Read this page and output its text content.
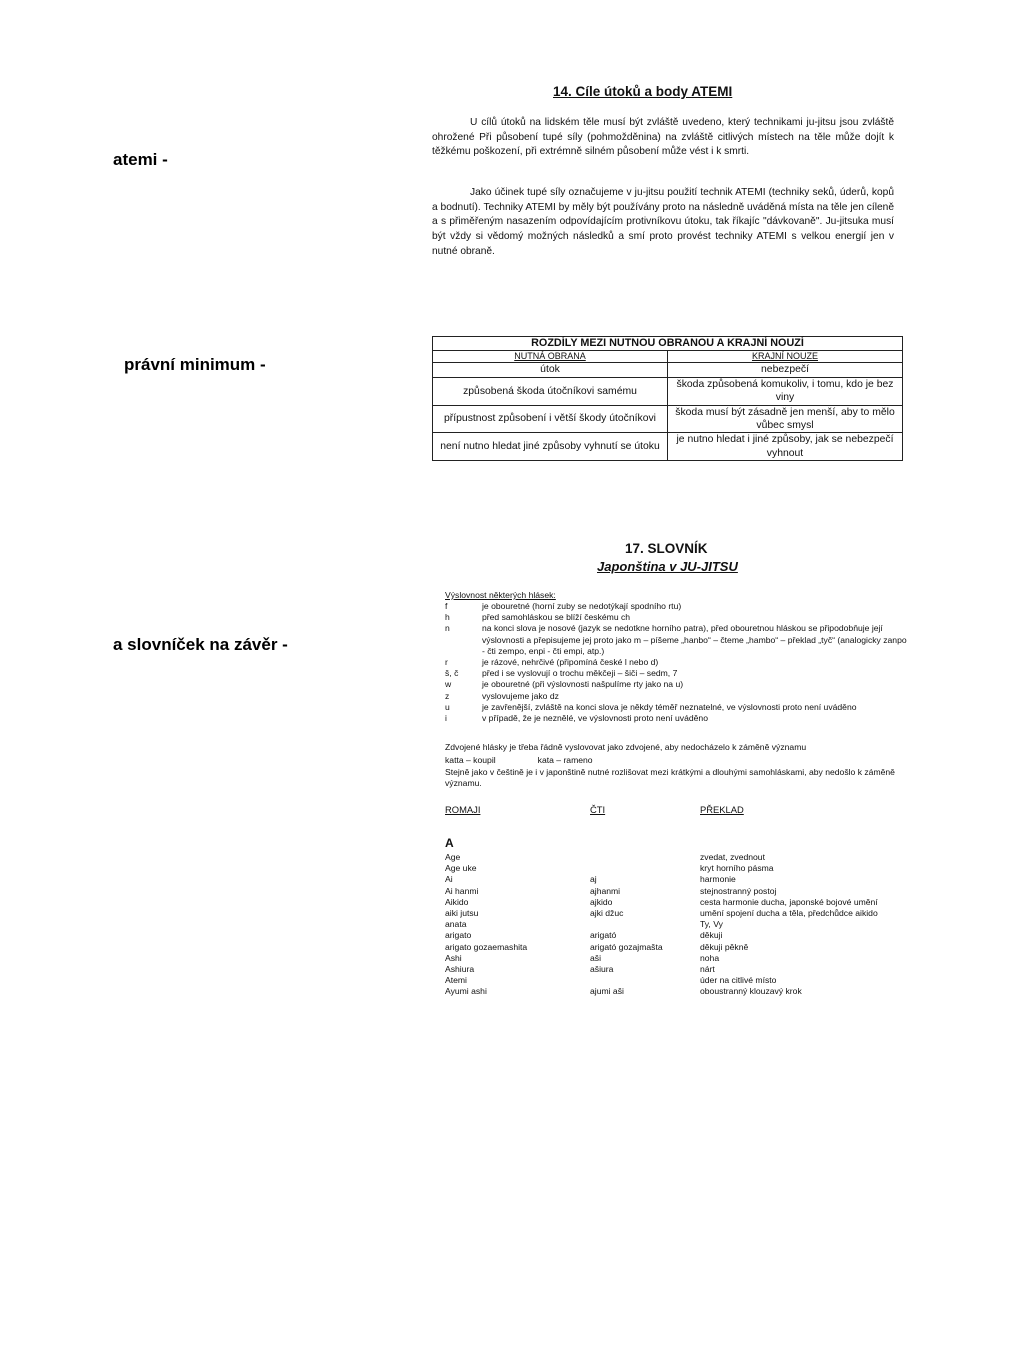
atemi -
právní minimum -
a slovníček na závěr -
14. Cíle útoků a body ATEMI
U cílů útoků na lidském těle musí být zvláště uvedeno, který technikami ju-jitsu jsou zvláště ohrožené Při působení tupé síly (pohmožděnina) na zvláště citlivých místech na těle může dojít k těžkému poškození, při extrémně silném působení může vést i k smrti.
Jako účinek tupé síly označujeme v ju-jitsu použití technik ATEMI (techniky seků, úderů, kopů a bodnutí). Techniky ATEMI by měly být používány proto na následně uváděná místa na těle jen cíleně a s přiměřeným nasazením odpovídajícím protivníkovu útoku, tak říkajíc "dávkovaně". Ju-jitsuka musí být vždy si vědomý možných následků a smí proto provést techniky ATEMI s velkou energií jen v nutné obraně.
ROZDÍLY MEZI NUTNOU OBRANOU A KRAJNÍ NOUZÍ	
NUTNÁ OBRANA	KRAJNÍ NOUZE
útok	nebezpečí
způsobená škoda útočníkovi samému	škoda způsobená komukoliv, i tomu, kdo je bez viny
přípustnost způsobení i větší škody útočníkovi	škoda musí být zásadně jen menší, aby to mělo vůbec smysl
není nutno hledat jiné způsoby vyhnutí se útoku	je nutno hledat i jiné způsoby, jak se nebezpečí vyhnout
17. SLOVNÍK
Japonština v JU-JITSU
Výslovnost některých hlásek:
f	je obouretné (horní zuby se nedotýkají spodního rtu)
h	před samohláskou se blíží českému ch
n	na konci slova je nosové (jazyk se nedotkne horního patra), před obouretnou hláskou se připodobňuje její výslovnosti a přepisujeme jej proto jako m – píšeme „hanbo“ – čteme „hambo“ – překlad „tyč“ (analogicky zanpo - čti zempo, enpi - čti empi, atp.)
r	je rázové, nehrčivé (připomíná české l nebo d)
š, č	před i se vyslovují o trochu měkčeji – šiči – sedm, 7
w	je obouretné (při výslovnosti našpulíme rty jako na u)
z	vyslovujeme jako dz
u	je zavřenější, zvláště na konci slova je někdy téměř neznatelné, ve výslovnosti proto není uváděno
i	v případě, že je neznělé, ve výslovnosti proto není uváděno
Zdvojené hlásky je třeba řádně vyslovovat jako zdvojené, aby nedocházelo k záměně významu
katta – koupil	kata – rameno
Stejně jako v češtině je i v japonštině nutné rozlišovat mezi krátkými a dlouhými samohláskami, aby nedošlo k záměně významu.
ROMAJI	ČTI	PŘEKLAD
A
Age		zvedat, zvednout
Age uke		kryt horního pásma
Ai	aj	harmonie
Ai hanmi	ajhanmi	stejnostranný postoj
Aikido	ajkido	cesta harmonie ducha, japonské bojové umění
aiki jutsu	ajki džuc	umění spojení ducha a těla, předchůdce aikido
anata		Ty, Vy
arigato	arigató	děkuji
arigato gozaemashita	arigató gozajmašta	děkuji pěkně
Ashi	aši	noha
Ashiura	ašiura	nárt
Atemi		úder na citlivé místo
Ayumi ashi	ajumi aši	oboustranný klouzavý krok
